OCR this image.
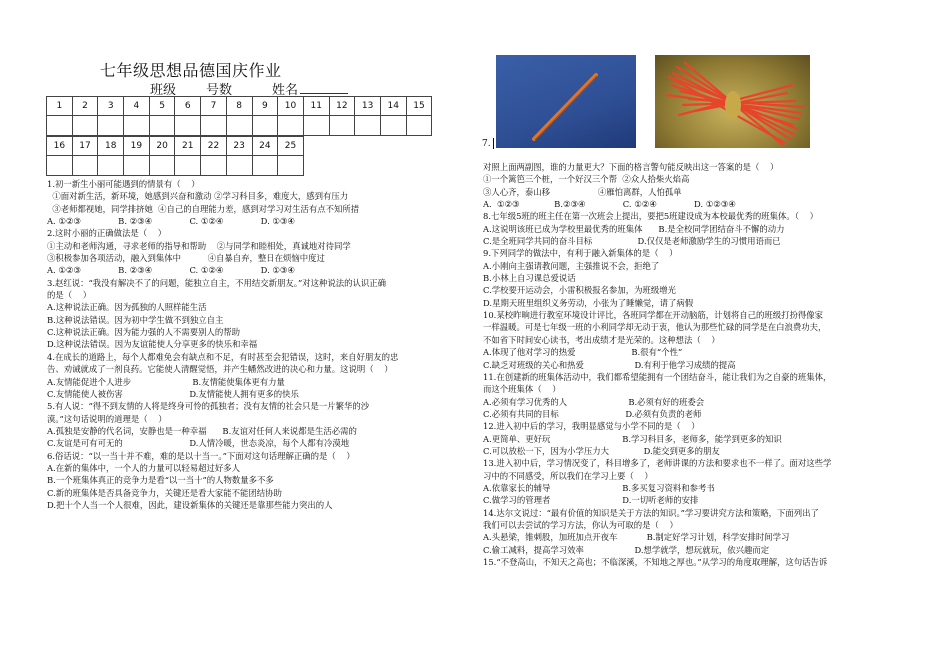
七年级思想品德国庆作业
班级 号数	姓名
1	2	3	4	5	6	7	8	9	10	11	12	13	14	15

16	17	18	19	20	21	22	23	24	25

1.初一新生小丽可能遇到的情景有（    ）
①面对新生活，新环境，她感到兴奋和激动 ②学习科目多，难度大，感到有压力
③老师都视她，同学排挤她  ④自己的自理能力差，感到对学习对生活有点不知所措
A. ①②③              B. ②③④              C. ①②④              D. ①③④
2.这时小丽的正确做法是（    ）
①主动和老师沟通，寻求老师的指导和帮助    ②与同学和睦相处，真诚地对待同学
③积极参加各项活动，融入到集体中          ④自暴自弃，整日在烦恼中度过
A. ①②③              B. ②③④              C. ①②④              D. ①③④
3.赵红说：“我没有解决不了的问题，能独立自主，不用结交新朋友。”对这种说法的认识正确
的是（    ）
A.这种说法正确。因为孤独的人照样能生活
B.这种说法错误。因为初中学生做不到独立自主
C.这种说法正确。因为能力强的人不需要别人的帮助
D.这种说法错误。因为友谊能使人分享更多的快乐和幸福
4.在成长的道路上，每个人都难免会有缺点和不足，有时甚至会犯错误，这时，来自好朋友的忠
告、劝诫就成了一剂良药。它能使人清醒觉悟，并产生幡然改进的决心和力量。这说明（    ）
A.友情能促进个人进步                       B.友情能使集体更有力量
C.友情能使人被伤害                         D.友情能使人拥有更多的快乐
5.有人说：“得不到友情的人将是终身可怜的孤独者；没有友情的社会只是一片繁华的沙
漠。”这句话说明的道理是（    ）
A.孤独是安静的代名词，安静也是一种幸福      B.友谊对任何人来说都是生活必需的
C.友谊是可有可无的                         D.人情冷暖，世态炎凉，每个人都有冷漠地
6.俗话说：“以一当十并不难，难的是以十当一。”下面对这句话理解正确的是（    ）
A.在新的集体中，一个人的力量可以轻易超过好多人
B.一个班集体真正的竞争力是看“以一当十”的人物数量多不多
C.新的班集体是否具备竞争力，关键还是看大家能不能团结协助
D.把十个人当一个人很难，因此，建设新集体的关键还是靠那些能力突出的人
7.
对照上面两副图，谁的力量更大？下面的格言警句能反映出这一答案的是（    ）
①一个篱笆三个桩，一个好汉三个帮  ②众人拾柴火焰高
③人心齐，泰山移                  ④雁怕离群，人怕孤单
A.  ①②③             B.②③④              C. ①②④              D. ①②③④
8.七年级5班的班主任在第一次班会上提出，要把5班建设成为本校最优秀的班集体。（    ）
A.这说明该班已成为学校里最优秀的班集体      B.是全校同学团结奋斗不懈的动力
C.是全班同学共同的奋斗目标                 D.仅仅是老师激励学生的习惯用语而已
9.下列同学的做法中，有利于融入新集体的是（    ）
A.小刚向主强请教问题，主强推说不会，拒绝了
B.小林上自习课总爱说话
C.学校要开运动会，小雷积极报名参加，为班级增光
D.星期天班里组织义务劳动，小张为了睡懒觉，请了病假
10.某校昨晌进行教室环境设计评比，各班同学都在开动脑筋，计划将自己的班级打扮得像家
一样温暖。可是七年级一班的小利同学却无动于衷，他认为那些忙碌的同学是在白浪费功夫，
不如省下时间安心读书，考出成绩才是光荣的。这种想法（    ）
A.体现了他对学习的热爱                     B.很有“个性”
C.缺乏对班级的关心和热爱                   D.有利于他学习成绩的提高
11.在创建新的班集体活动中，我们都希望能拥有一个团结奋斗，能让我们为之自豪的班集体，
而这个班集体（    ）
A.必须有学习优秀的人                       B.必须有好的班委会
C.必须有共同的目标                         D.必须有负责的老师
12.进入初中后的学习，我明显感觉与小学不同的是（    ）
A.更简单、更好玩                           B.学习科目多，老师多，能学到更多的知识
C.可以放松一下，因为小学压力大             D.能交到更多的朋友
13.进入初中后，学习情况变了，科目增多了，老师讲课的方法和要求也不一样了。面对这些学
习中的不同感受，所以我们在学习上要（    ）
A.依靠家长的辅导                           B.多买复习资料和参考书
C.做学习的管理者                           D.一切听老师的安排
14.达尔文说过：“最有价值的知识是关于方法的知识。”学习要讲究方法和策略，下面列出了
我们可以去尝试的学习方法，你认为可取的是（    ）
A.头悬梁，锥刺股，加班加点开夜车           B.制定好学习计划，科学安排时间学习
C.偷工减料，提高学习效率                   D.想学就学，想玩就玩，依兴趣而定
15.“不登高山，不知天之高也；不临深溪，不知地之厚也。”从学习的角度取理解，这句话告诉
